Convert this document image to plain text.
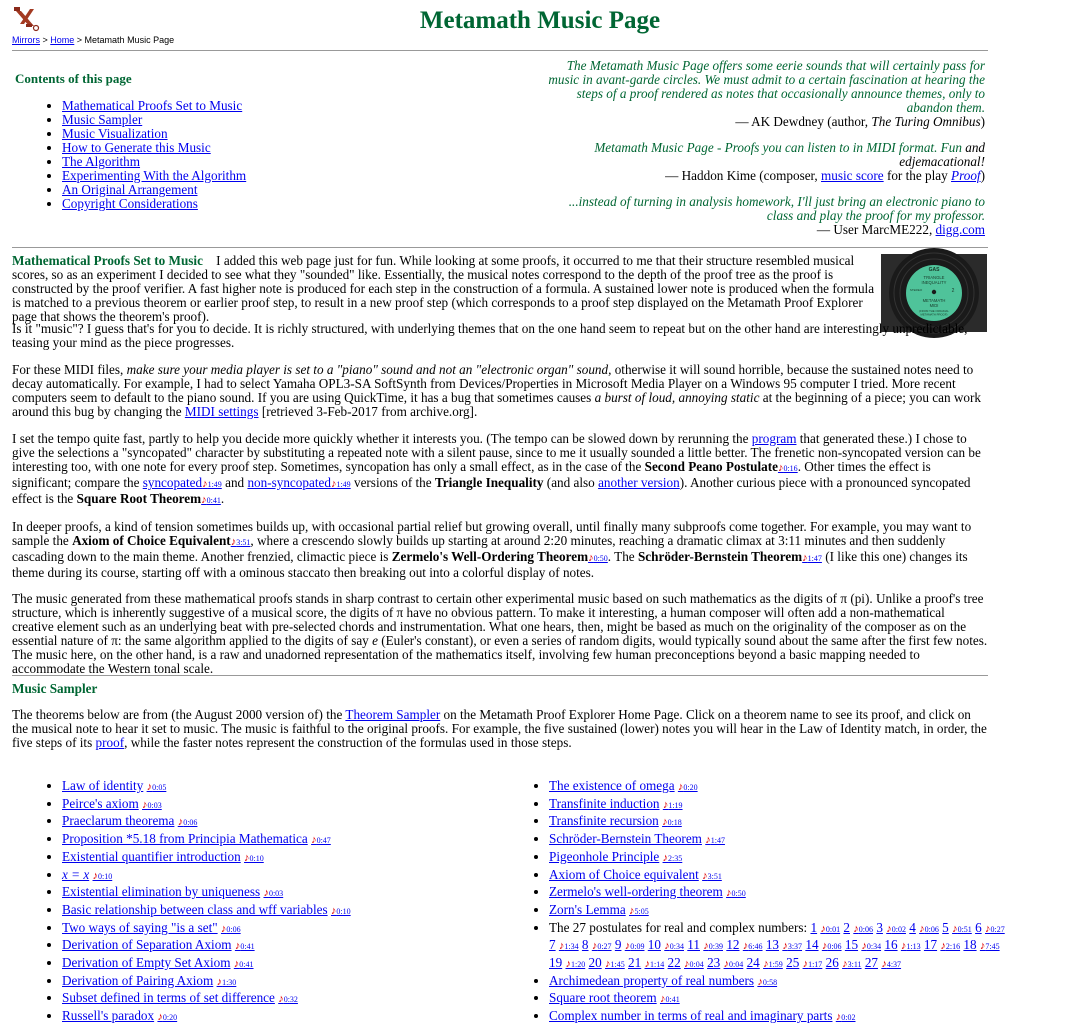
Metamath Music Page
Mirrors > Home > Metamath Music Page
Contents of this page
• Mathematical Proofs Set to Music
• Music Sampler
• Music Visualization
• How to Generate this Music
• The Algorithm
• Experimenting With the Algorithm
• An Original Arrangement
• Copyright Considerations

The Metamath Music Page offers some eerie sounds that will certainly pass for music in avant-garde circles. We must admit to a certain fascination at hearing the steps of a proof rendered as notes that occasionally announce themes, only to abandon them.
— AK Dewdney (author, The Turing Omnibus)

Metamath Music Page - Proofs you can listen to in MIDI format. Fun and edjemacational!
— Haddon Kime (composer, music score for the play Proof)

...instead of turning in analysis homework, I'll just bring an electronic piano to class and play the proof for my professor.
— User MarcME222, digg.com

GAS
TRIANGLE
INEQUALITY
STEREO	2
METAMATH
MIDI
(FROM THE ORIGINAL
METAMATH PROOF)

Mathematical Proofs Set to Music I added this web page just for fun. While looking at some proofs, it occurred to me that their structure resembled musical scores, so as an experiment I decided to see what they "sounded" like. Essentially, the musical notes correspond to the depth of the proof tree as the proof is constructed by the proof verifier. A fast higher note is produced for each step in the construction of a formula. A sustained lower note is produced when the formula is matched to a previous theorem or earlier proof step, to result in a new proof step (which corresponds to a proof step displayed on the Metamath Proof Explorer page that shows the theorem's proof).

Is it "music"? I guess that's for you to decide. It is richly structured, with underlying themes that on the one hand seem to repeat but on the other hand are interestingly unpredictable, teasing your mind as the piece progresses.

For these MIDI files, make sure your media player is set to a "piano" sound and not an "electronic organ" sound, otherwise it will sound horrible, because the sustained notes need to decay automatically. For example, I had to select Yamaha OPL3-SA SoftSynth from Devices/Properties in Microsoft Media Player on a Windows 95 computer I tried. More recent computers seem to default to the piano sound. If you are using QuickTime, it has a bug that sometimes causes a burst of loud, annoying static at the beginning of a piece; you can work around this bug by changing the MIDI settings [retrieved 3-Feb-2017 from archive.org].

I set the tempo quite fast, partly to help you decide more quickly whether it interests you. (The tempo can be slowed down by rerunning the program that generated these.) I chose to give the selections a "syncopated" character by substituting a repeated note with a silent pause, since to me it usually sounded a little better. The frenetic non-syncopated version can be interesting too, with one note for every proof step. Sometimes, syncopation has only a small effect, as in the case of the Second Peano Postulate♪0:16. Other times the effect is significant; compare the syncopated♪1:49 and non-syncopated♪1:49 versions of the Triangle Inequality (and also another version). Another curious piece with a pronounced syncopated effect is the Square Root Theorem♪0:41.

In deeper proofs, a kind of tension sometimes builds up, with occasional partial relief but growing overall, until finally many subproofs come together. For example, you may want to sample the Axiom of Choice Equivalent♪3:51, where a crescendo slowly builds up starting at around 2:20 minutes, reaching a dramatic climax at 3:11 minutes and then suddenly cascading down to the main theme. Another frenzied, climactic piece is Zermelo's Well-Ordering Theorem♪0:50. The Schröder-Bernstein Theorem♪1:47 (I like this one) changes its theme during its course, starting off with a ominous staccato then breaking out into a colorful display of notes.

The music generated from these mathematical proofs stands in sharp contrast to certain other experimental music based on such mathematics as the digits of π (pi). Unlike a proof's tree structure, which is inherently suggestive of a musical score, the digits of π have no obvious pattern. To make it interesting, a human composer will often add a non-mathematical creative element such as an underlying beat with pre-selected chords and instrumentation. What one hears, then, might be based as much on the originality of the composer as on the essential nature of π: the same algorithm applied to the digits of say e (Euler's constant), or even a series of random digits, would typically sound about the same after the first few notes. The music here, on the other hand, is a raw and unadorned representation of the mathematics itself, involving few human preconceptions beyond a basic mapping needed to accommodate the Western tonal scale.

Music Sampler

The theorems below are from (the August 2000 version of) the Theorem Sampler on the Metamath Proof Explorer Home Page. Click on a theorem name to see its proof, and click on the musical note to hear it set to music. The music is faithful to the original proofs. For example, the five sustained (lower) notes you will hear in the Law of Identity match, in order, the five steps of its proof, while the faster notes represent the construction of the formulas used in those steps.

• Law of identity ♪0:05
• Peirce's axiom ♪0:03
• Praeclarum theorema ♪0:06
• Proposition *5.18 from Principia Mathematica ♪0:47
• Existential quantifier introduction ♪0:10
• x = x ♪0:10
• Existential elimination by uniqueness ♪0:03
• Basic relationship between class and wff variables ♪0:10
• Two ways of saying "is a set" ♪0:06
• Derivation of Separation Axiom ♪0:41
• Derivation of Empty Set Axiom ♪0:41
• Derivation of Pairing Axiom ♪1:30
• Subset defined in terms of set difference ♪0:32
• Russell's paradox ♪0:20
• The existence of omega ♪0:20
• Transfinite induction ♪1:19
• Transfinite recursion ♪0:18
• Schröder-Bernstein Theorem ♪1:47
• Pigeonhole Principle ♪2:35
• Axiom of Choice equivalent ♪3:51
• Zermelo's well-ordering theorem ♪0:50
• Zorn's Lemma ♪5:05
• The 27 postulates for real and complex numbers: 1 ♪0:01 2 ♪0:06 3 ♪0:02 4 ♪0:06 5 ♪0:51 6 ♪0:27 7 ♪1:34 8 ♪0:27 9 ♪0:09 10 ♪0:34 11 ♪0:39 12 ♪6:46 13 ♪3:37 14 ♪0:06 15 ♪0:34 16 ♪1:13 17 ♪2:16 18 ♪7:45 19 ♪1:20 20 ♪1:45 21 ♪1:14 22 ♪0:04 23 ♪0:04 24 ♪1:59 25 ♪1:17 26 ♪3:11 27 ♪4:37
• Archimedean property of real numbers ♪0:58
• Square root theorem ♪0:41
• Complex number in terms of real and imaginary parts ♪0:02
